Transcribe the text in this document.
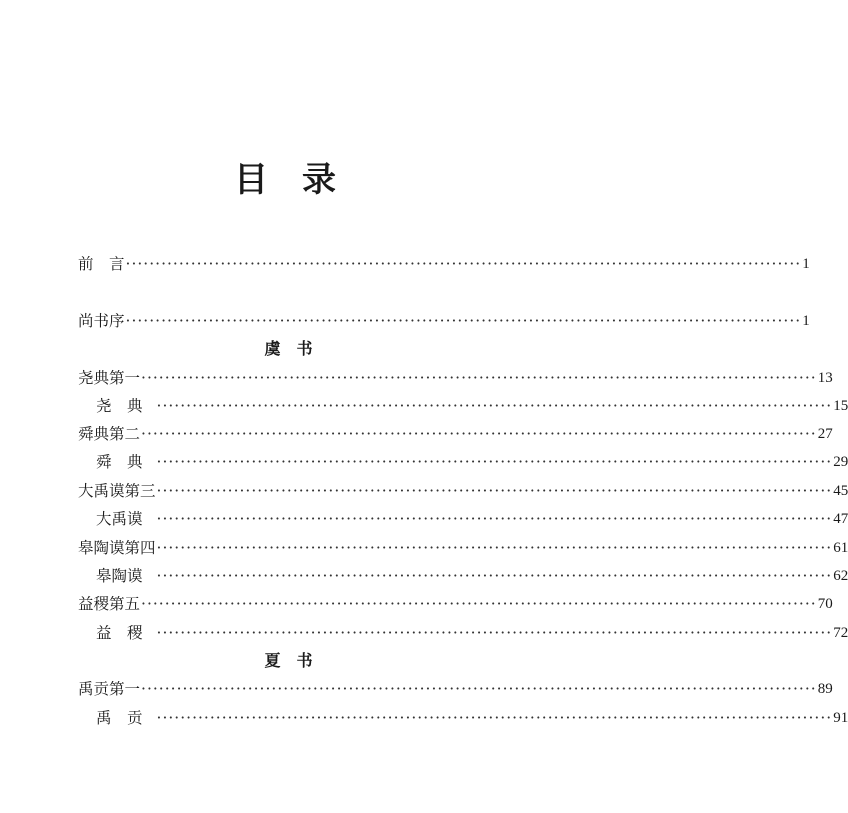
目　录
前　言 ·················································································································· 1
尚书序 ·················································································································· 1
虞　书
尧典第一 ·················································································································· 13
尧　典 ·················································································································· 15
舜典第二 ·················································································································· 27
舜　典 ·················································································································· 29
大禹谟第三 ·················································································································· 45
大禹谟 ·················································································································· 47
皋陶谟第四 ·················································································································· 61
皋陶谟 ·················································································································· 62
益稷第五 ·················································································································· 70
益　稷 ·················································································································· 72
夏　书
禹贡第一 ·················································································································· 89
禹　贡 ·················································································································· 91
